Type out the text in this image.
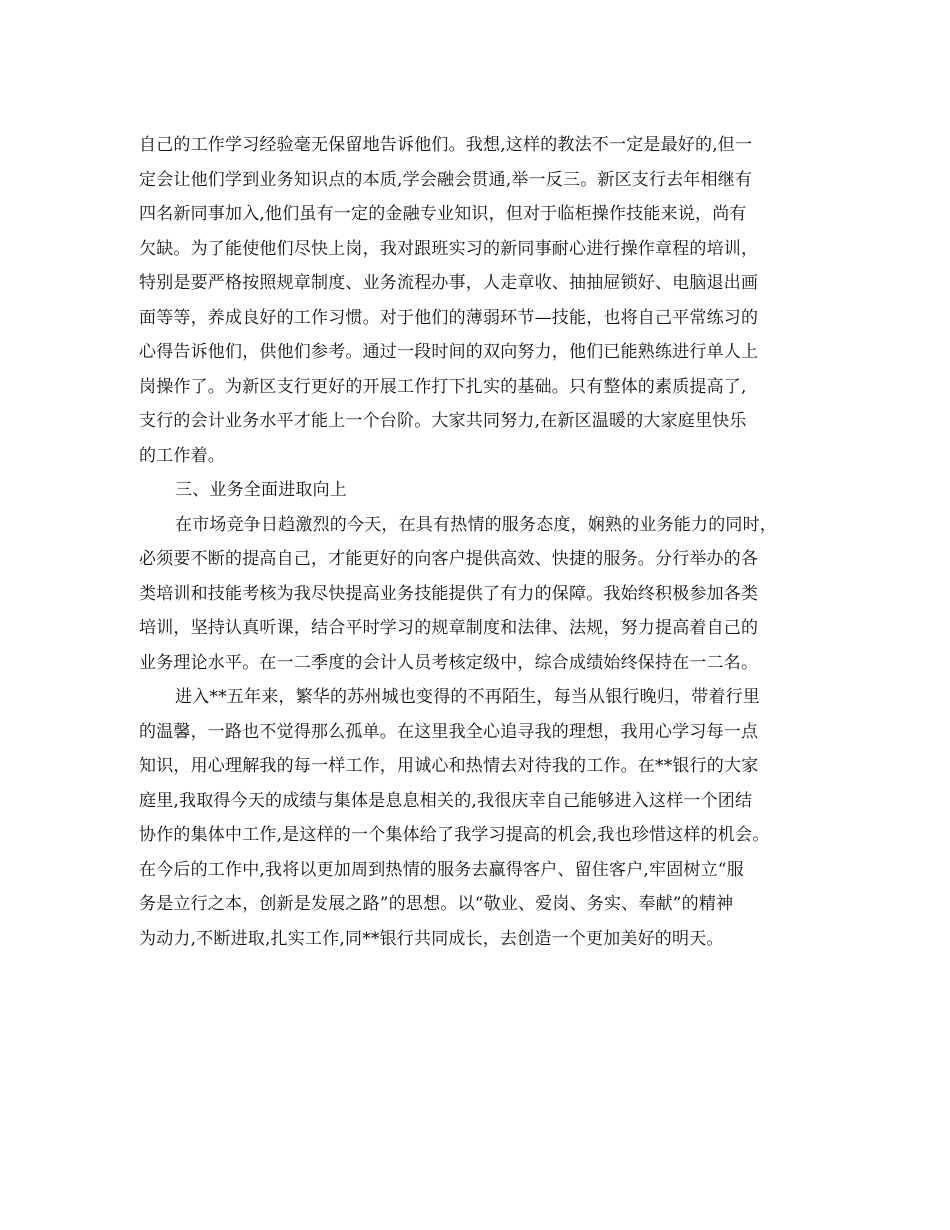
自己的工作学习经验毫无保留地告诉他们。我想,这样的教法不一定是最好的,但一
定会让他们学到业务知识点的本质,学会融会贯通,举一反三。新区支行去年相继有
四名新同事加入,他们虽有一定的金融专业知识，但对于临柜操作技能来说，尚有
欠缺。为了能使他们尽快上岗，我对跟班实习的新同事耐心进行操作章程的培训，
特别是要严格按照规章制度、业务流程办事，人走章收、抽抽屉锁好、电脑退出画
面等等，养成良好的工作习惯。对于他们的薄弱环节—技能，也将自己平常练习的
心得告诉他们，供他们参考。通过一段时间的双向努力，他们已能熟练进行单人上
岗操作了。为新区支行更好的开展工作打下扎实的基础。只有整体的素质提高了,
支行的会计业务水平才能上一个台阶。大家共同努力,在新区温暖的大家庭里快乐
的工作着。
三、业务全面进取向上
在市场竞争日趋激烈的今天，在具有热情的服务态度，娴熟的业务能力的同时，
必须要不断的提高自己，才能更好的向客户提供高效、快捷的服务。分行举办的各
类培训和技能考核为我尽快提高业务技能提供了有力的保障。我始终积极参加各类
培训，坚持认真听课，结合平时学习的规章制度和法律、法规，努力提高着自己的
业务理论水平。在一二季度的会计人员考核定级中，综合成绩始终保持在一二名。
进入**五年来，繁华的苏州城也变得的不再陌生，每当从银行晚归，带着行里
的温馨，一路也不觉得那么孤单。在这里我全心追寻我的理想，我用心学习每一点
知识，用心理解我的每一样工作，用诚心和热情去对待我的工作。在**银行的大家
庭里,我取得今天的成绩与集体是息息相关的,我很庆幸自己能够进入这样一个团结
协作的集体中工作,是这样的一个集体给了我学习提高的机会,我也珍惜这样的机会。
在今后的工作中,我将以更加周到热情的服务去赢得客户、留住客户,牢固树立“服
务是立行之本，创新是发展之路”的思想。以“敬业、爱岗、务实、奉献”的精神
为动力,不断进取,扎实工作,同**银行共同成长，去创造一个更加美好的明天。
